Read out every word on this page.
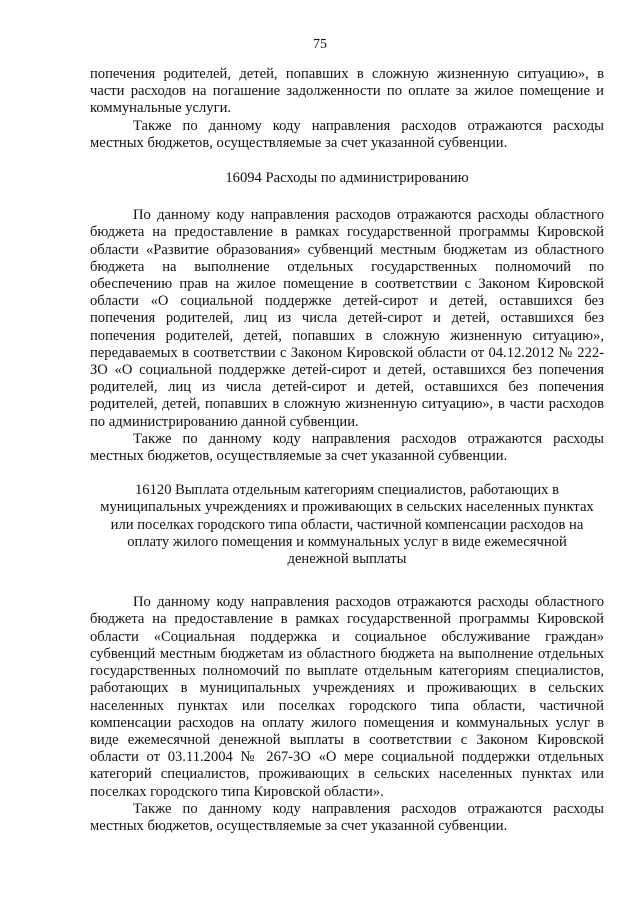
75

попечения родителей, детей, попавших в сложную жизненную ситуацию», в части расходов на погашение задолженности по оплате за жилое помещение и коммунальные услуги.

Также по данному коду направления расходов отражаются расходы местных бюджетов, осуществляемые за счет указанной субвенции.

16094 Расходы по администрированию

По данному коду направления расходов отражаются расходы областного бюджета на предоставление в рамках государственной программы Кировской области «Развитие образования» субвенций местным бюджетам из областного бюджета на выполнение отдельных государственных полномочий по обеспечению прав на жилое помещение в соответствии с Законом Кировской области «О социальной поддержке детей-сирот и детей, оставшихся без попечения родителей, лиц из числа детей-сирот и детей, оставшихся без попечения родителей, детей, попавших в сложную жизненную ситуацию», передаваемых в соответствии с Законом Кировской области от 04.12.2012 № 222-ЗО «О социальной поддержке детей-сирот и детей, оставшихся без попечения родителей, лиц из числа детей-сирот и детей, оставшихся без попечения родителей, детей, попавших в сложную жизненную ситуацию», в части расходов по администрированию данной субвенции.

Также по данному коду направления расходов отражаются расходы местных бюджетов, осуществляемые за счет указанной субвенции.

16120 Выплата отдельным категориям специалистов, работающих в муниципальных учреждениях и проживающих в сельских населенных пунктах или поселках городского типа области, частичной компенсации расходов на оплату жилого помещения и коммунальных услуг в виде ежемесячной денежной выплаты

По данному коду направления расходов отражаются расходы областного бюджета на предоставление в рамках государственной программы Кировской области «Социальная поддержка и социальное обслуживание граждан» субвенций местным бюджетам из областного бюджета на выполнение отдельных государственных полномочий по выплате отдельным категориям специалистов, работающих в муниципальных учреждениях и проживающих в сельских населенных пунктах или поселках городского типа области, частичной компенсации расходов на оплату жилого помещения и коммунальных услуг в виде ежемесячной денежной выплаты в соответствии с Законом Кировской области от 03.11.2004 № 267-ЗО «О мере социальной поддержки отдельных категорий специалистов, проживающих в сельских населенных пунктах или поселках городского типа Кировской области».

Также по данному коду направления расходов отражаются расходы местных бюджетов, осуществляемые за счет указанной субвенции.
